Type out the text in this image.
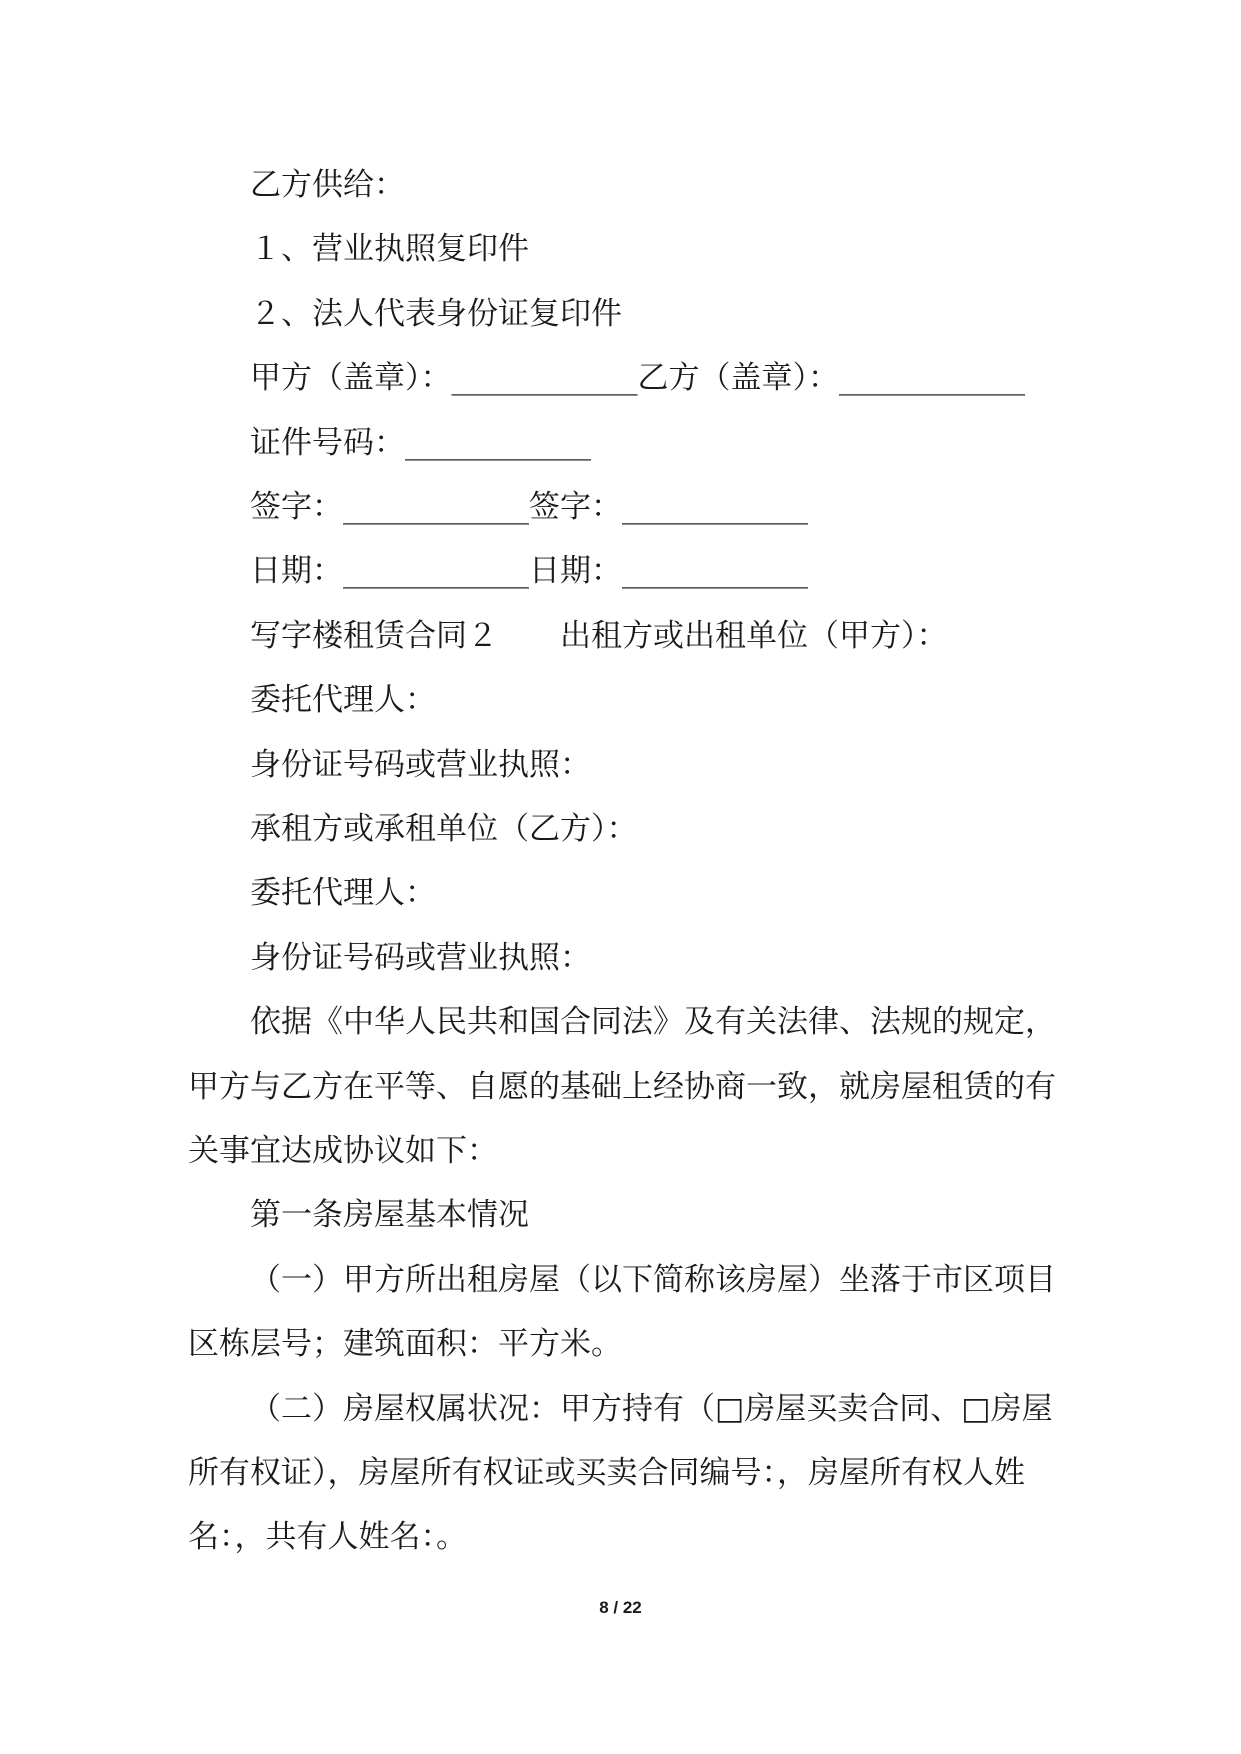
乙方供给：
１、营业执照复印件
２、法人代表身份证复印件
甲方（盖章）：____________乙方（盖章）：____________
证件号码：____________
签字：____________签字：____________
日期：____________日期：____________
写字楼租赁合同２　　出租方或出租单位（甲方）：
委托代理人：
身份证号码或营业执照：
承租方或承租单位（乙方）：
委托代理人：
身份证号码或营业执照：
依据《中华人民共和国合同法》及有关法律、法规的规定，
甲方与乙方在平等、自愿的基础上经协商一致，就房屋租赁的有
关事宜达成协议如下：
第一条房屋基本情况
（一）甲方所出租房屋（以下简称该房屋）坐落于市区项目
区栋层号；建筑面积：平方米。
（二）房屋权属状况：甲方持有（□房屋买卖合同、□房屋
所有权证），房屋所有权证或买卖合同编号：，房屋所有权人姓
名：，共有人姓名：。
8 / 22
